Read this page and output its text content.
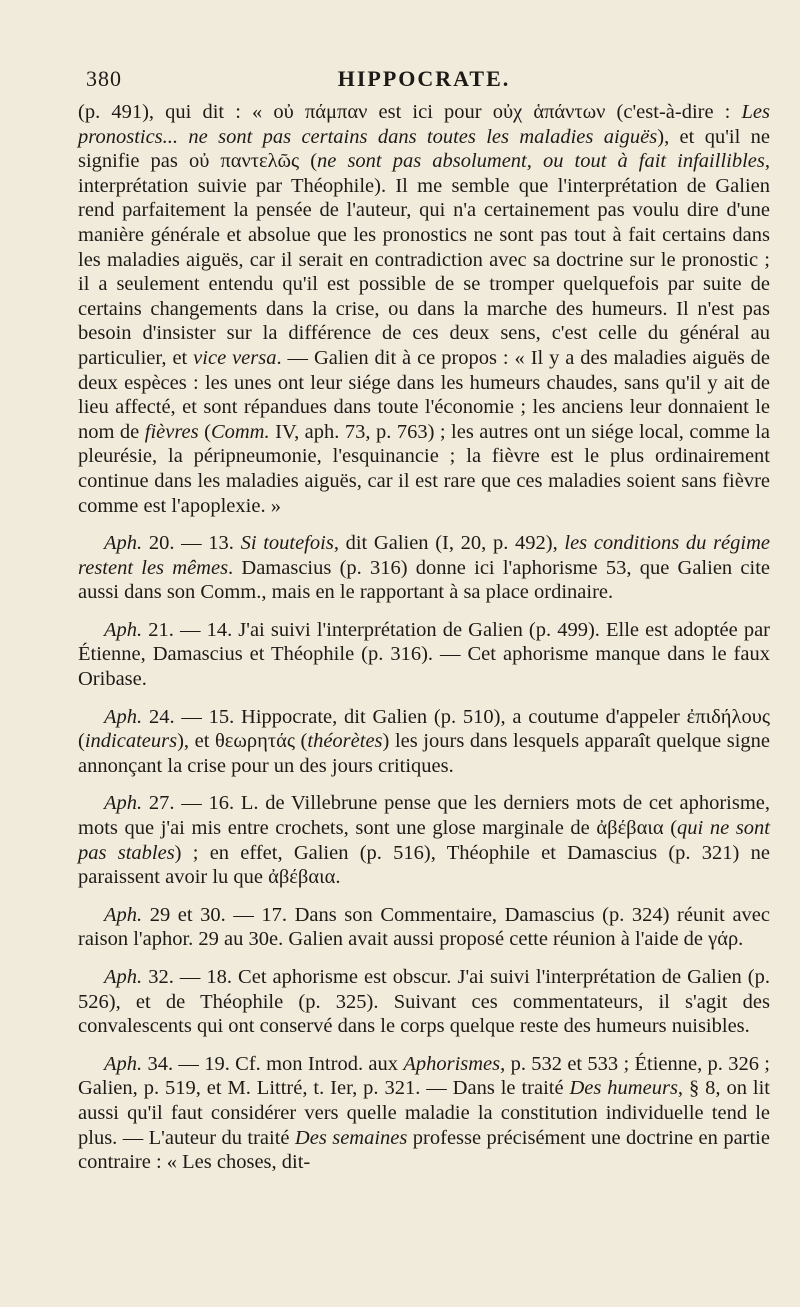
380	HIPPOCRATE.

(p. 491), qui dit : « οὐ πάμπαν est ici pour οὐχ ἁπάντων (c'est-à-dire : Les pronostics... ne sont pas certains dans toutes les maladies aiguës), et qu'il ne signifie pas οὐ παντελῶς (ne sont pas absolument, ou tout à fait infaillibles, interprétation suivie par Théophile). Il me semble que l'interprétation de Galien rend parfaitement la pensée de l'auteur, qui n'a certainement pas voulu dire d'une manière générale et absolue que les pronostics ne sont pas tout à fait certains dans les maladies aiguës, car il serait en contradiction avec sa doctrine sur le pronostic ; il a seulement entendu qu'il est possible de se tromper quelquefois par suite de certains changements dans la crise, ou dans la marche des humeurs. Il n'est pas besoin d'insister sur la différence de ces deux sens, c'est celle du général au particulier, et vice versa. — Galien dit à ce propos : « Il y a des maladies aiguës de deux espèces : les unes ont leur siége dans les humeurs chaudes, sans qu'il y ait de lieu affecté, et sont répandues dans toute l'économie ; les anciens leur donnaient le nom de fièvres (Comm. IV, aph. 73, p. 763) ; les autres ont un siége local, comme la pleurésie, la péripneumonie, l'esquinancie ; la fièvre est le plus ordinairement continue dans les maladies aiguës, car il est rare que ces maladies soient sans fièvre comme est l'apoplexie. »

Aph. 20. — 13. Si toutefois, dit Galien (I, 20, p. 492), les conditions du régime restent les mêmes. Damascius (p. 316) donne ici l'aphorisme 53, que Galien cite aussi dans son Comm., mais en le rapportant à sa place ordinaire.

Aph. 21. — 14. J'ai suivi l'interprétation de Galien (p. 499). Elle est adoptée par Étienne, Damascius et Théophile (p. 316). — Cet aphorisme manque dans le faux Oribase.

Aph. 24. — 15. Hippocrate, dit Galien (p. 510), a coutume d'appeler ἐπιδήλους (indicateurs), et θεωρητάς (théorètes) les jours dans lesquels apparaît quelque signe annonçant la crise pour un des jours critiques.

Aph. 27. — 16. L. de Villebrune pense que les derniers mots de cet aphorisme, mots que j'ai mis entre crochets, sont une glose marginale de ἀβέβαια (qui ne sont pas stables) ; en effet, Galien (p. 516), Théophile et Damascius (p. 321) ne paraissent avoir lu que ἀβέβαια.

Aph. 29 et 30. — 17. Dans son Commentaire, Damascius (p. 324) réunit avec raison l'aphor. 29 au 30e. Galien avait aussi proposé cette réunion à l'aide de γάρ.

Aph. 32. — 18. Cet aphorisme est obscur. J'ai suivi l'interprétation de Galien (p. 526), et de Théophile (p. 325). Suivant ces commentateurs, il s'agit des convalescents qui ont conservé dans le corps quelque reste des humeurs nuisibles.

Aph. 34. — 19. Cf. mon Introd. aux Aphorismes, p. 532 et 533 ; Étienne, p. 326 ; Galien, p. 519, et M. Littré, t. Ier, p. 321. — Dans le traité Des humeurs, § 8, on lit aussi qu'il faut considérer vers quelle maladie la constitution individuelle tend le plus. — L'auteur du traité Des semaines professe précisément une doctrine en partie contraire : « Les choses, dit-
